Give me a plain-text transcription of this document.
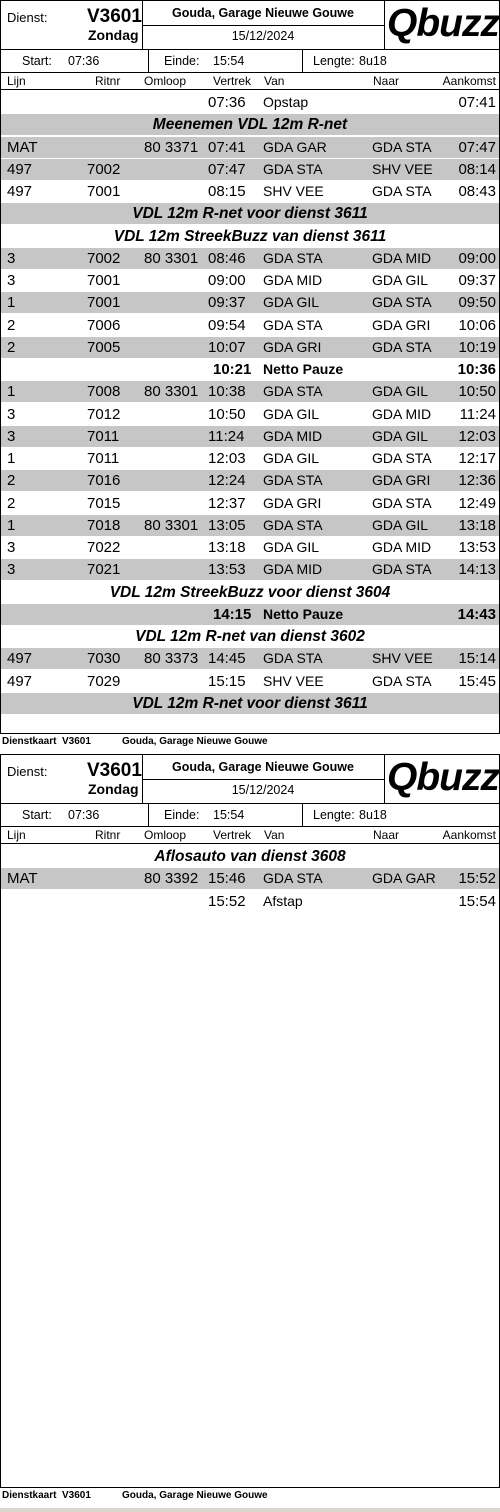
Dienst: V3601
Zondag
Gouda, Garage Nieuwe Gouwe
15/12/2024	Qbuzz
Start: 07:36	Einde: 15:54	Lengte: 8u18
Lijn	Ritnr Omloop Vertrek Van	Naar	Aankomst
07:36 Opstap	07:41
Meenemen VDL 12m R-net
MAT	80 3371 07:41 GDA GAR	GDA STA 07:47
497	7002	07:47 GDA STA	SHV VEE 08:14
497	7001	08:15 SHV VEE	GDA STA 08:43
VDL 12m R-net voor dienst 3611
VDL 12m StreekBuzz van dienst 3611
3	7002 80 3301 08:46 GDA STA	GDA MID 09:00
3	7001	09:00 GDA MID	GDA GIL 09:37
1	7001	09:37 GDA GIL	GDA STA 09:50
2	7006	09:54 GDA STA	GDA GRI 10:06
2	7005	10:07 GDA GRI	GDA STA 10:19
10:21 Netto Pauze	10:36
1	7008 80 3301 10:38 GDA STA	GDA GIL 10:50
3	7012	10:50 GDA GIL	GDA MID 11:24
3	7011	11:24 GDA MID	GDA GIL 12:03
1	7011	12:03 GDA GIL	GDA STA 12:17
2	7016	12:24 GDA STA	GDA GRI 12:36
2	7015	12:37 GDA GRI	GDA STA 12:49
1	7018 80 3301 13:05 GDA STA	GDA GIL 13:18
3	7022	13:18 GDA GIL	GDA MID 13:53
3	7021	13:53 GDA MID	GDA STA 14:13
VDL 12m StreekBuzz voor dienst 3604
14:15 Netto Pauze	14:43
VDL 12m R-net van dienst 3602
497	7030 80 3373 14:45 GDA STA	SHV VEE 15:14
497	7029	15:15 SHV VEE	GDA STA 15:45
VDL 12m R-net voor dienst 3611
Dienstkaart V3601	Gouda, Garage Nieuwe Gouwe
Dienst: V3601
Zondag
Gouda, Garage Nieuwe Gouwe
15/12/2024	Qbuzz
Start: 07:36	Einde: 15:54	Lengte: 8u18
Lijn	Ritnr Omloop Vertrek Van	Naar	Aankomst
Aflosauto van dienst 3608
MAT	80 3392 15:46 GDA STA	GDA GAR 15:52
15:52 Afstap	15:54
Dienstkaart V3601	Gouda, Garage Nieuwe Gouwe
